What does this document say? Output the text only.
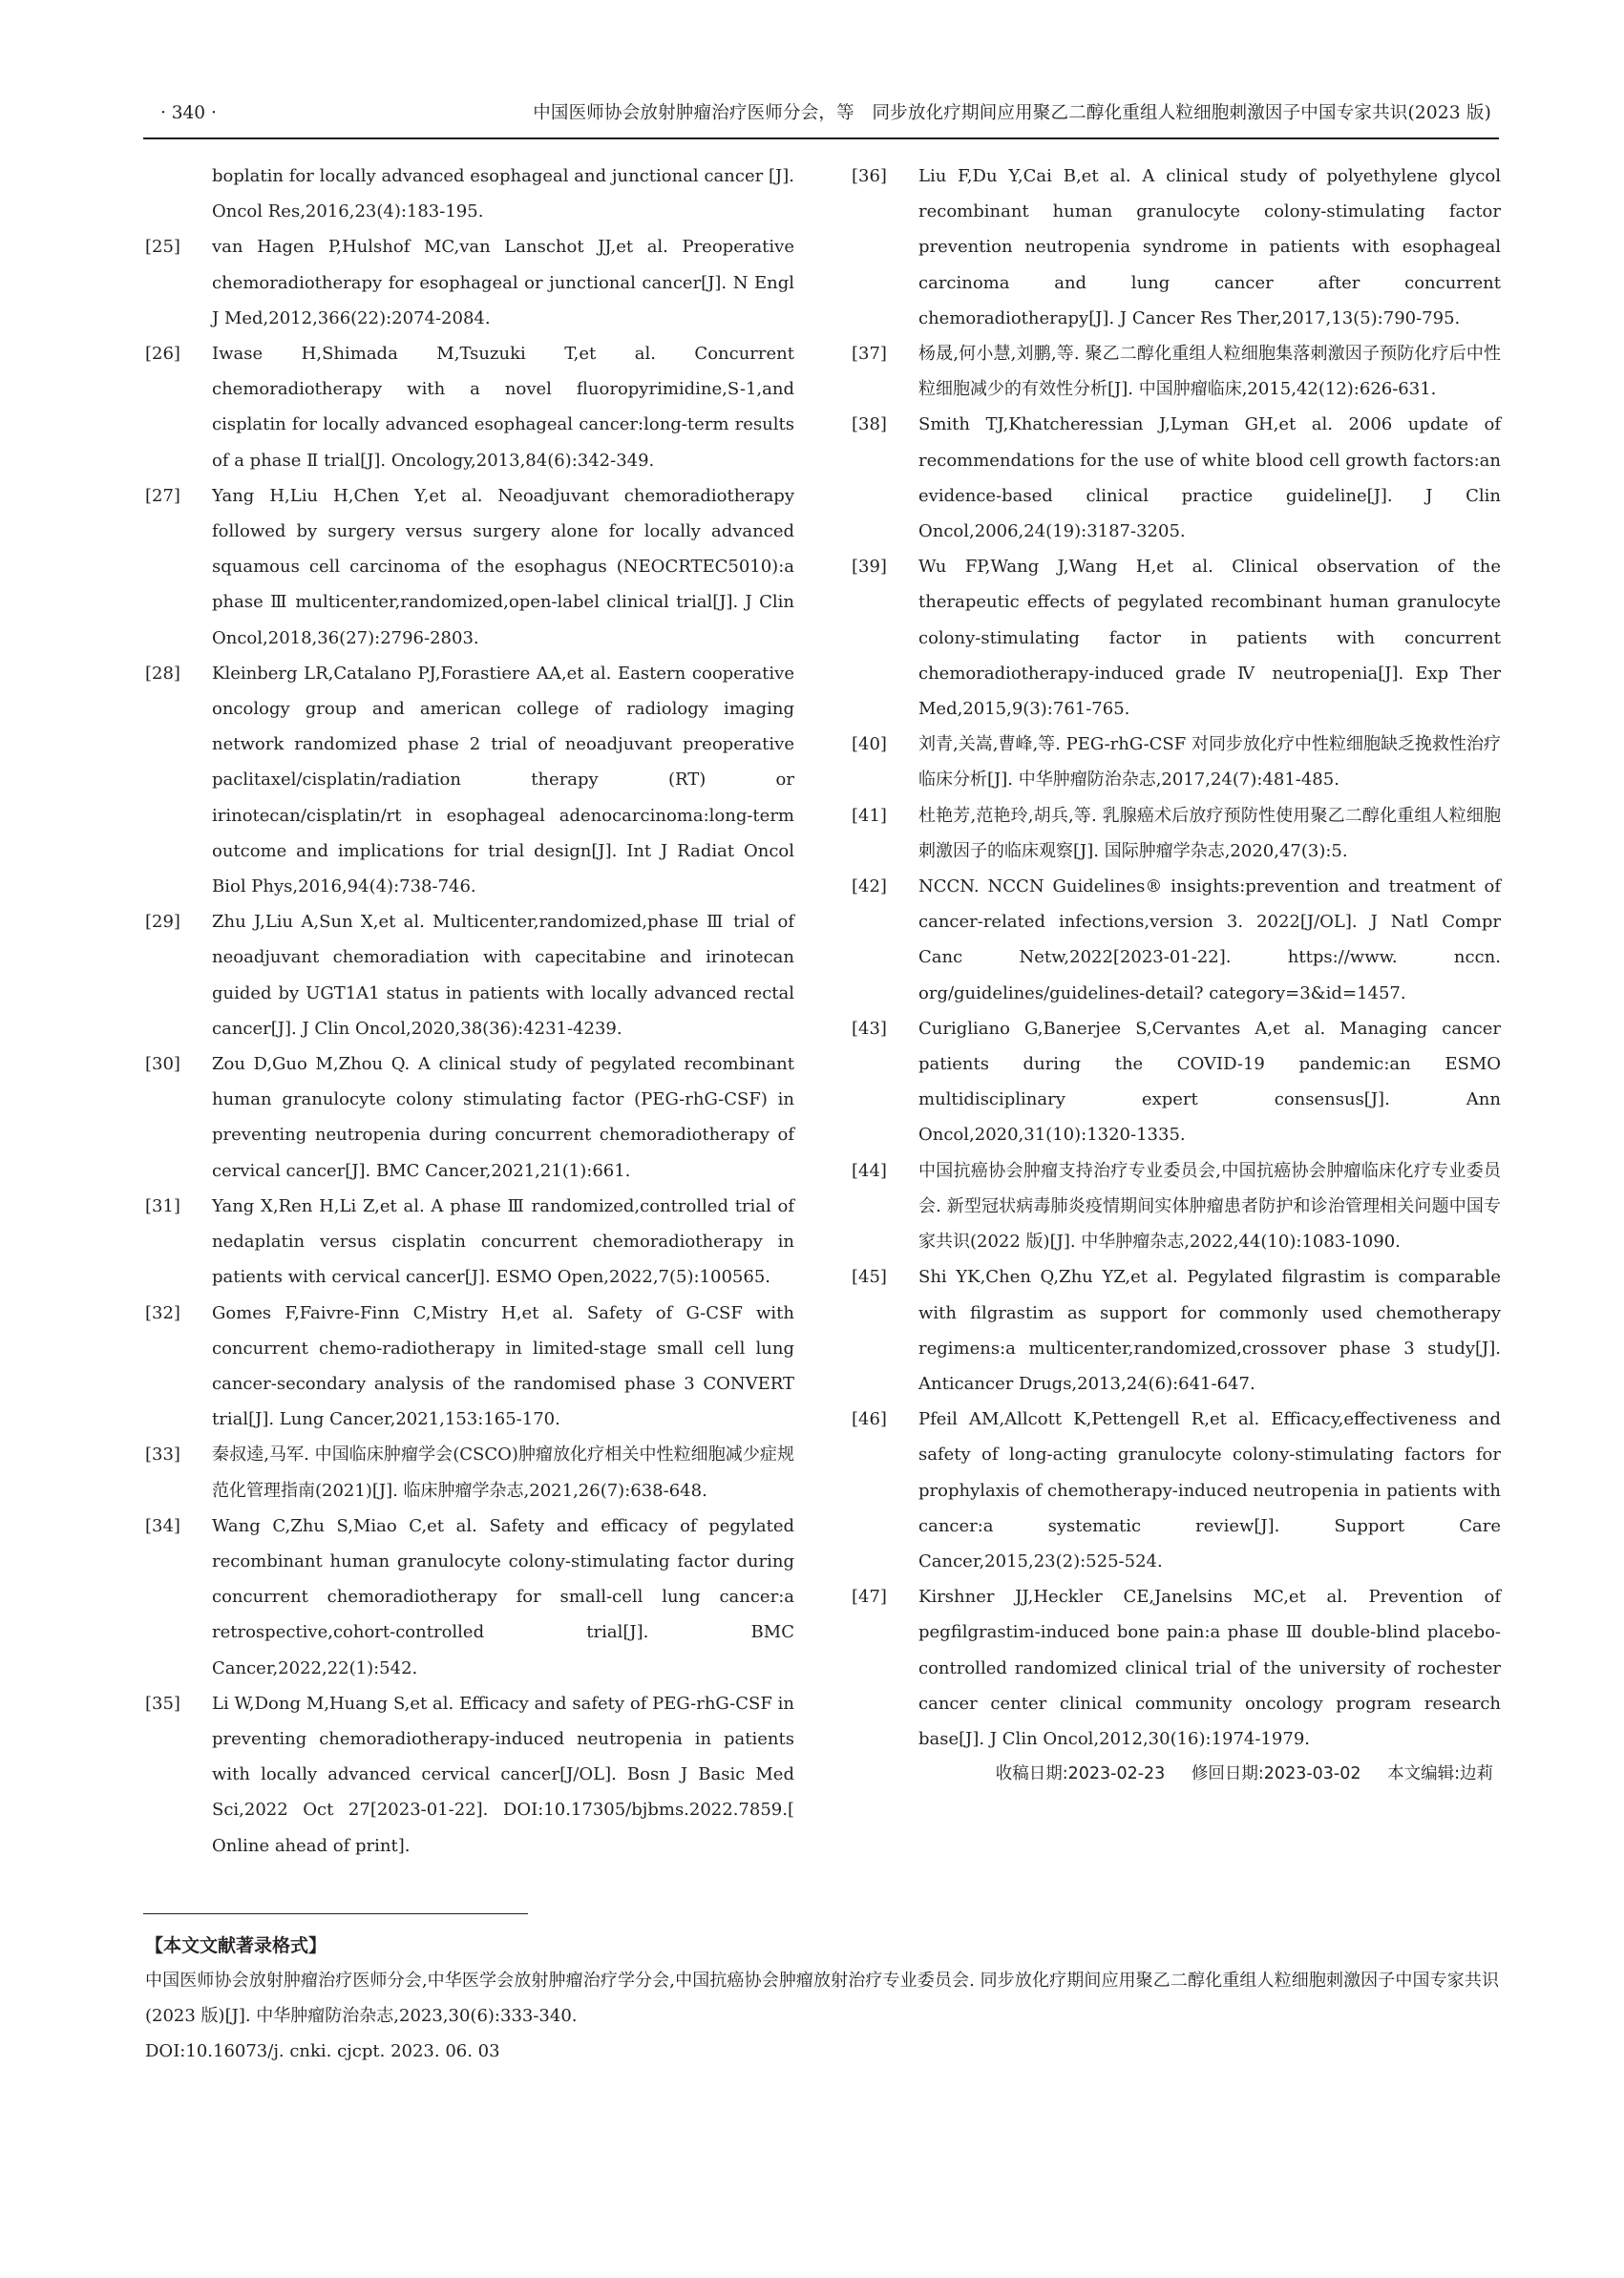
· 340 ·	中国医师协会放射肿瘤治疗医师分会，等　同步放化疗期间应用聚乙二醇化重组人粒细胞刺激因子中国专家共识(2023 版)
boplatin for locally advanced esophageal and junctional cancer [J]. Oncol Res,2016,23(4):183-195.
[25] van Hagen P,Hulshof MC,van Lanschot JJ,et al. Preoperative chemoradiotherapy for esophageal or junctional cancer[J]. N Engl J Med,2012,366(22):2074-2084.
[26] Iwase H,Shimada M,Tsuzuki T,et al. Concurrent chemoradiotherapy with a novel fluoropyrimidine,S-1,and cisplatin for locally advanced esophageal cancer:long-term results of a phase Ⅱ trial[J]. Oncology,2013,84(6):342-349.
[27] Yang H,Liu H,Chen Y,et al. Neoadjuvant chemoradiotherapy followed by surgery versus surgery alone for locally advanced squamous cell carcinoma of the esophagus (NEOCRTEC5010):a phase Ⅲ multicenter,randomized,open-label clinical trial[J]. J Clin Oncol,2018,36(27):2796-2803.
[28] Kleinberg LR,Catalano PJ,Forastiere AA,et al. Eastern cooperative oncology group and american college of radiology imaging network randomized phase 2 trial of neoadjuvant preoperative paclitaxel/cisplatin/radiation therapy (RT) or irinotecan/cisplatin/rt in esophageal adenocarcinoma:long-term outcome and implications for trial design[J]. Int J Radiat Oncol Biol Phys,2016,94(4):738-746.
[29] Zhu J,Liu A,Sun X,et al. Multicenter,randomized,phase Ⅲ trial of neoadjuvant chemoradiation with capecitabine and irinotecan guided by UGT1A1 status in patients with locally advanced rectal cancer[J]. J Clin Oncol,2020,38(36):4231-4239.
[30] Zou D,Guo M,Zhou Q. A clinical study of pegylated recombinant human granulocyte colony stimulating factor (PEG-rhG-CSF) in preventing neutropenia during concurrent chemoradiotherapy of cervical cancer[J]. BMC Cancer,2021,21(1):661.
[31] Yang X,Ren H,Li Z,et al. A phase Ⅲ randomized,controlled trial of nedaplatin versus cisplatin concurrent chemoradiotherapy in patients with cervical cancer[J]. ESMO Open,2022,7(5):100565.
[32] Gomes F,Faivre-Finn C,Mistry H,et al. Safety of G-CSF with concurrent chemo-radiotherapy in limited-stage small cell lung cancer-secondary analysis of the randomised phase 3 CONVERT trial[J]. Lung Cancer,2021,153:165-170.
[33] 秦叔逵,马军. 中国临床肿瘤学会(CSCO)肿瘤放化疗相关中性粒细胞减少症规范化管理指南(2021)[J]. 临床肿瘤学杂志,2021,26(7):638-648.
[34] Wang C,Zhu S,Miao C,et al. Safety and efficacy of pegylated recombinant human granulocyte colony-stimulating factor during concurrent chemoradiotherapy for small-cell lung cancer:a retrospective,cohort-controlled trial[J]. BMC Cancer,2022,22(1):542.
[35] Li W,Dong M,Huang S,et al. Efficacy and safety of PEG-rhG-CSF in preventing chemoradiotherapy-induced neutropenia in patients with locally advanced cervical cancer[J/OL]. Bosn J Basic Med Sci,2022 Oct 27[2023-01-22]. DOI:10.17305/bjbms.2022.7859.[ Online ahead of print].
[36] Liu F,Du Y,Cai B,et al. A clinical study of polyethylene glycol recombinant human granulocyte colony-stimulating factor prevention neutropenia syndrome in patients with esophageal carcinoma and lung cancer after concurrent chemoradiotherapy[J]. J Cancer Res Ther,2017,13(5):790-795.
[37] 杨晟,何小慧,刘鹏,等. 聚乙二醇化重组人粒细胞集落刺激因子预防化疗后中性粒细胞减少的有效性分析[J]. 中国肿瘤临床,2015,42(12):626-631.
[38] Smith TJ,Khatcheressian J,Lyman GH,et al. 2006 update of recommendations for the use of white blood cell growth factors:an evidence-based clinical practice guideline[J]. J Clin Oncol,2006,24(19):3187-3205.
[39] Wu FP,Wang J,Wang H,et al. Clinical observation of the therapeutic effects of pegylated recombinant human granulocyte colony-stimulating factor in patients with concurrent chemoradiotherapy-induced grade Ⅳ neutropenia[J]. Exp Ther Med,2015,9(3):761-765.
[40] 刘青,关嵩,曹峰,等. PEG-rhG-CSF 对同步放化疗中性粒细胞缺乏挽救性治疗临床分析[J]. 中华肿瘤防治杂志,2017,24(7):481-485.
[41] 杜艳芳,范艳玲,胡兵,等. 乳腺癌术后放疗预防性使用聚乙二醇化重组人粒细胞刺激因子的临床观察[J]. 国际肿瘤学杂志,2020,47(3):5.
[42] NCCN. NCCN Guidelines® insights:prevention and treatment of cancer-related infections,version 3. 2022[J/OL]. J Natl Compr Canc Netw,2022[2023-01-22]. https://www. nccn. org/guidelines/guidelines-detail? category=3&id=1457.
[43] Curigliano G,Banerjee S,Cervantes A,et al. Managing cancer patients during the COVID-19 pandemic:an ESMO multidisciplinary expert consensus[J]. Ann Oncol,2020,31(10):1320-1335.
[44] 中国抗癌协会肿瘤支持治疗专业委员会,中国抗癌协会肿瘤临床化疗专业委员会. 新型冠状病毒肺炎疫情期间实体肿瘤患者防护和诊治管理相关问题中国专家共识(2022 版)[J]. 中华肿瘤杂志,2022,44(10):1083-1090.
[45] Shi YK,Chen Q,Zhu YZ,et al. Pegylated filgrastim is comparable with filgrastim as support for commonly used chemotherapy regimens:a multicenter,randomized,crossover phase 3 study[J]. Anticancer Drugs,2013,24(6):641-647.
[46] Pfeil AM,Allcott K,Pettengell R,et al. Efficacy,effectiveness and safety of long-acting granulocyte colony-stimulating factors for prophylaxis of chemotherapy-induced neutropenia in patients with cancer:a systematic review[J]. Support Care Cancer,2015,23(2):525-524.
[47] Kirshner JJ,Heckler CE,Janelsins MC,et al. Prevention of pegfilgrastim-induced bone pain:a phase Ⅲ double-blind placebo-controlled randomized clinical trial of the university of rochester cancer center clinical community oncology program research base[J]. J Clin Oncol,2012,30(16):1974-1979.
收稿日期:2023-02-23 修回日期:2023-03-02 本文编辑:边莉
【本文文献著录格式】
中国医师协会放射肿瘤治疗医师分会,中华医学会放射肿瘤治疗学分会,中国抗癌协会肿瘤放射治疗专业委员会. 同步放化疗期间应用聚乙二醇化重组人粒细胞刺激因子中国专家共识(2023 版)[J]. 中华肿瘤防治杂志,2023,30(6):333-340.
DOI:10.16073/j. cnki. cjcpt. 2023. 06. 03
